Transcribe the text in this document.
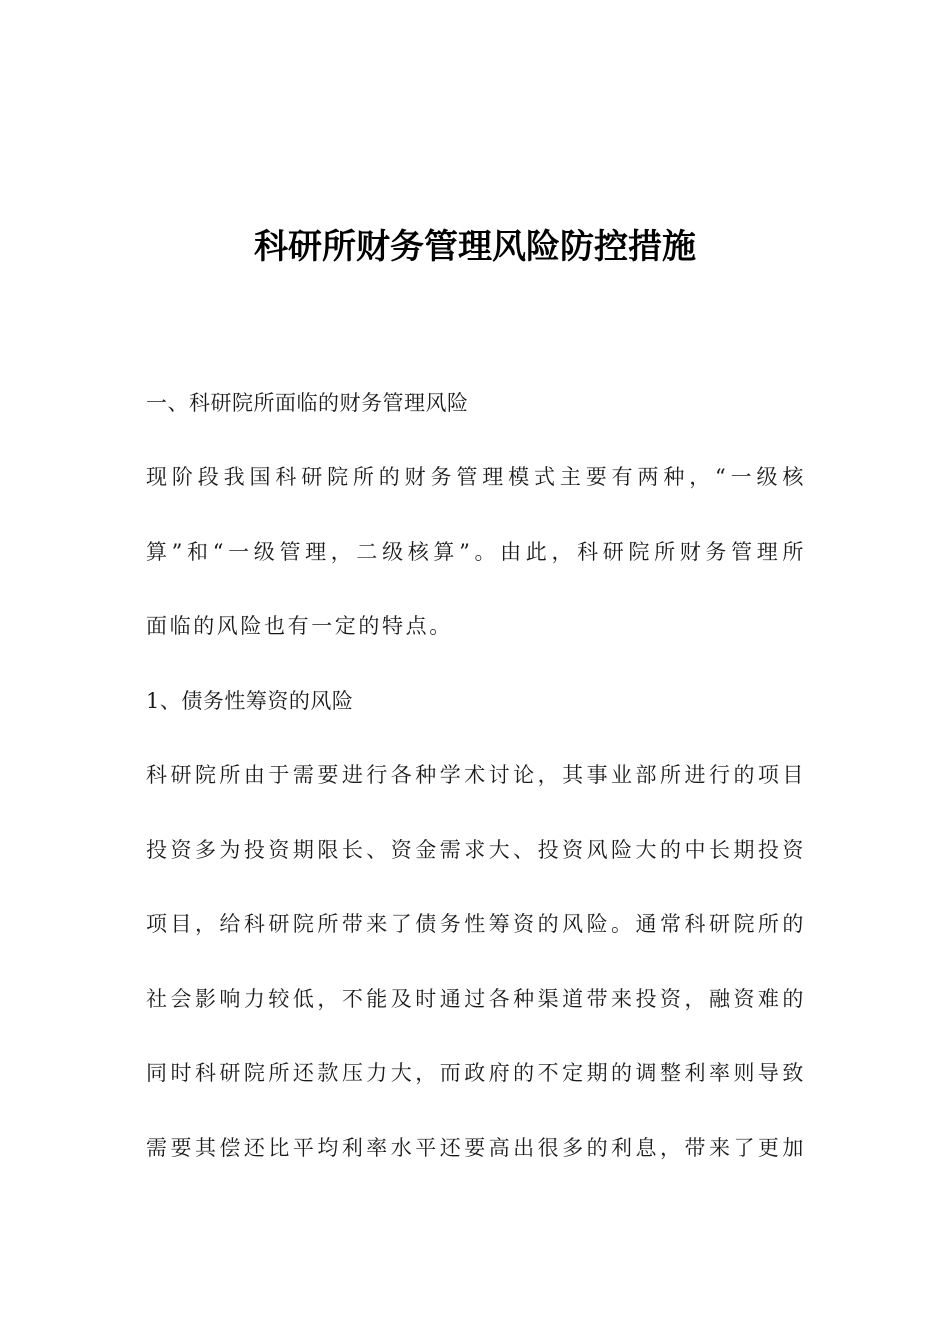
科研所财务管理风险防控措施
一、科研院所面临的财务管理风险
现阶段我国科研院所的财务管理模式主要有两种，“一级核
算”和“一级管理，二级核算”。由此，科研院所财务管理所
面临的风险也有一定的特点。
1、债务性筹资的风险
科研院所由于需要进行各种学术讨论，其事业部所进行的项目
投资多为投资期限长、资金需求大、投资风险大的中长期投资
项目，给科研院所带来了债务性筹资的风险。通常科研院所的
社会影响力较低，不能及时通过各种渠道带来投资，融资难的
同时科研院所还款压力大，而政府的不定期的调整利率则导致
需要其偿还比平均利率水平还要高出很多的利息，带来了更加
